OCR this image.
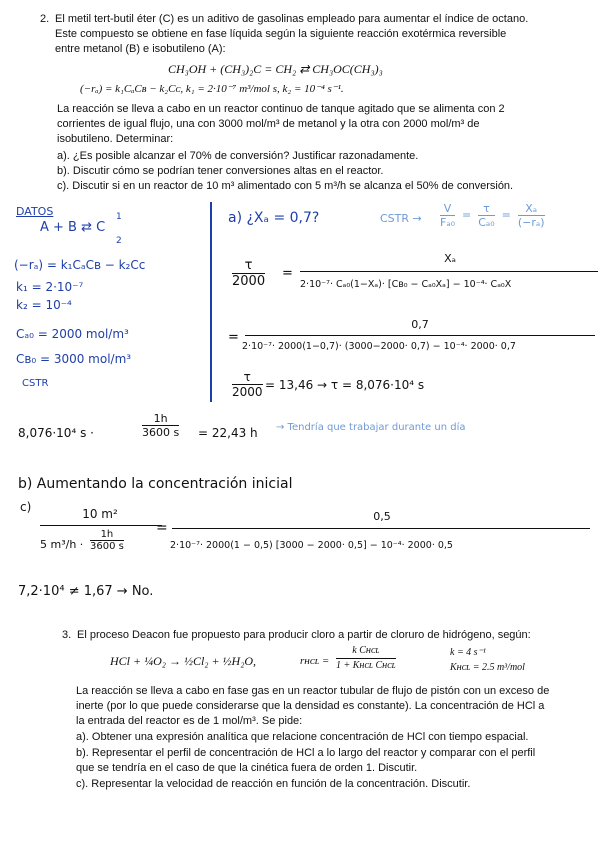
2. El metil tert-butil éter (C) es un aditivo de gasolinas empleado para aumentar el índice de octano.
Este compuesto se obtiene en fase líquida según la siguiente reacción exotérmica reversible
entre metanol (B) e isobutileno (A):
CH₃OH + (CH₃)₂C = CH₂ ⇄ CH₃OC(CH₃)₃
(−rₐ) = k₁CₐCʙ − k₂Cᴄ, k₁ = 2·10⁻⁷ m³/mol s, k₂ = 10⁻⁴ s⁻¹.
La reacción se lleva a cabo en un reactor continuo de tanque agitado que se alimenta con 2
corrientes de igual flujo, una con 3000 mol/m³ de metanol y la otra con 2000 mol/m³ de
isobutileno. Determinar:
a). ¿Es posible alcanzar el 70% de conversión? Justificar razonadamente.
b). Discutir cómo se podrían tener conversiones altas en el reactor.
c). Discutir si en un reactor de 10 m³ alimentado con 5 m³/h se alcanza el 50% de conversión.
DATOS
A + B ⇄ C
1
2
(−rₐ) = k₁CₐCʙ − k₂Cᴄ
k₁ = 2·10⁻⁷
k₂ = 10⁻⁴
Cₐ₀ = 2000 mol/m³
Cʙ₀ = 3000 mol/m³
CSTR
a) ¿Xₐ = 0,7?	CSTR → $\frac{V}{\text{Fₐ₀}} = \frac{\tau}{\text{Cₐ₀}} = \frac{\text{Xₐ}}{\text{(−rₐ)}}$
$\frac{\tau}{2000}$ =
Xₐ
2·10⁻⁷· Cₐ₀(1−Xₐ)· [Cʙ₀ − Cₐ₀Xₐ] − 10⁻⁴· Cₐ₀X
=
0,7
2·10⁻⁷· 2000(1−0,7)· (3000−2000· 0,7) − 10⁻⁴· 2000· 0,7
$\frac{\tau}{2000} = 13,46 \to \tau = 8,076\cdot 10^4$ s
8,076·10⁴ s ·	$\frac{1h}{3600 s} = 22,43$ h → Tendría que trabajar durante un día
b) Aumentando la concentración inicial
c)	10 m²
5 $m^3/h \cdot \frac{1h}{3600 s}$
=
0,5
2·10⁻⁷· 2000(1 − 0,5) [3000 − 2000· 0,5] − 10⁻⁴· 2000· 0,5
7,2·10⁴ ≠ 1,67 → No.
3. El proceso Deacon fue propuesto para producir cloro a partir de cloruro de hidrógeno, según:
HCl + ¼O₂ → ½Cl₂ + ½H₂O,	rʜᴄʟ = $\frac{\text{k Cʜᴄʟ}}{\text{1 + Kʜᴄʟ Cʜᴄʟ}}$	k = 4 s⁻¹
Kʜᴄʟ = 2.5 m³/mol
La reacción se lleva a cabo en fase gas en un reactor tubular de flujo de pistón con un exceso de
inerte (por lo que puede considerarse que la densidad es constante). La concentración de HCl a
la entrada del reactor es de 1 mol/m³. Se pide:
a). Obtener una expresión analítica que relacione concentración de HCl con tiempo espacial.
b). Representar el perfil de concentración de HCl a lo largo del reactor y comparar con el perfil
que se tendría en el caso de que la cinética fuera de orden 1. Discutir.
c). Representar la velocidad de reacción en función de la concentración. Discutir.
